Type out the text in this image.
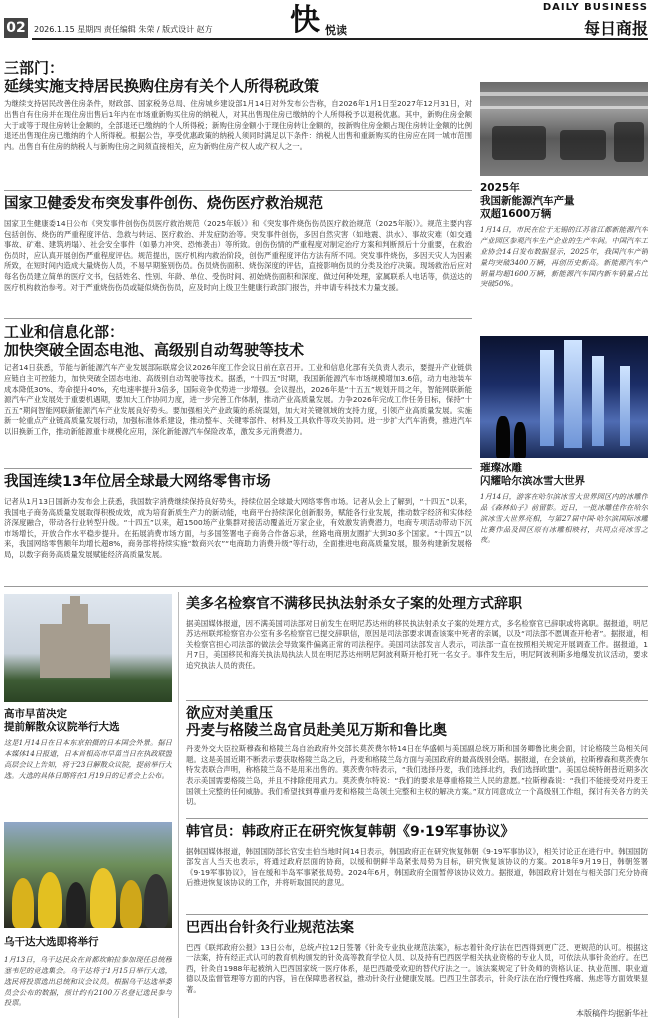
02 2026.1.15 星期四 责任编辑 朱荣 / 版式设计 赵方	快 悦读
DAILY BUSINESS
每日商报
三部门：
延续实施支持居民换购住房有关个人所得税政策
为继续支持居民改善住房条件，财政部、国家税务总局、住房城乡建设部1月14日对外发布公告称，自2026年1月1日至2027年12月31日，对出售自有住房并在现住房出售后1年内在市场重新购买住房的纳税人，对其出售现住房已缴纳的个人所得税予以退税优惠。其中，新购住房金额大于或等于现住房转让金额的，全部退还已缴纳的个人所得税；新购住房金额小于现住房转让金额的，按新购住房金额占现住房转让金额的比例退还出售现住房已缴纳的个人所得税。根据公告，享受优惠政策的纳税人须同时满足以下条件：纳税人出售和重新购买的住房应在同一城市范围内。出售自有住房的纳税人与新购住房之间须直接相关，应为新购住房产权人或产权人之一。
国家卫健委发布突发事件创伤、烧伤医疗救治规范
国家卫生健康委14日公布《突发事件创伤伤员医疗救治规范（2025年版）》和《突发事件烧伤伤员医疗救治规范（2025年版）》。规范主要内容包括创伤、烧伤的严重程度评估、急救与转运、医疗救治、并发症防治等。突发事件创伤，多因自然灾害（如地震、洪水）、事故灾难（如交通事故、矿难、建筑坍塌）、社会安全事件（如暴力冲突、恐怖袭击）等所致。创伤伤情的严重程度对制定治疗方案和判断预后十分重要，在救治伤员时，应认真开展创伤严重程度评估。规范提出，医疗机构内救治阶段，创伤严重程度评估方法有所不同。突发事件烧伤，多因天灾人为因素所致，在短时间内造成大量烧伤人员，不易早期鉴别伤员。伤员烧伤面积、烧伤深度的评估，直接影响伤员的分类及治疗决策。现场救治后应对每名伤员建立简单的医疗文书，包括姓名、性别、年龄、单位、受伤时间、初始烧伤面积和深度、做过何种处理，家属联系人电话等，供送达的医疗机构救治参考。对于严重烧伤伤员或疑似烧伤伤员，应及时向上级卫生健康行政部门报告，并申请专科技术力量支援。
工业和信息化部：
加快突破全固态电池、高级别自动驾驶等技术
记者14日获悉，节能与新能源汽车产业发展部际联席会议2026年度工作会议日前在京召开。工业和信息化部有关负责人表示，要提升产业链供应链自主可控能力，加快突破全固态电池、高级别自动驾驶等技术。据悉，“十四五”时期，我国新能源汽车市场规模增加3.6倍，动力电池装车成本降低30%、寿命提升40%，充电速率提升3倍多，国际竞争优势进一步增强。会议提出，2026年是“十五五”规划开局之年，智能网联新能源汽车产业发展处于重要机遇期，要加大工作协同力度，进一步完善工作体制，推动产业高质量发展。力争2026年完成工作任务目标，保持“十五五”期间智能网联新能源汽车产业发展良好势头。要加强相关产业政策的系统谋划，加大对关键领域的支持力度，引领产业高质量发展。实施新一轮重点产业链高质量发展行动，加强标准体系建设，推动整车、关键零部件、材料及工具软件等攻关协同。进一步扩大汽车消费，推进汽车以旧换新工作，推动新能源重卡规模化应用，深化新能源汽车保险改革，激发多元消费潜力。
我国连续13年位居全球最大网络零售市场
记者从1月13日国新办发布会上获悉，我国数字消费继续保持良好势头，持续位居全球最大网络零售市场。记者从会上了解到，“十四五”以来，我国电子商务高质量发展取得积极成效，成为培育新质生产力的新动能，电商平台持续深化创新服务，赋能各行业发展，推动数字经济和实体经济深度融合，带动各行业转型升级。“十四五”以来，超1500场产业集群对接活动覆盖近万家企业，有效激发消费潜力，电商专项活动带动下沉市场增长，开放合作水平稳步提升。在拓展消费市场方面，与多国签署电子商务合作备忘录，丝路电商朋友圈扩大到30多个国家。“十四五”以来，我国网络零售额年均增长超8%，商务部将持续实施“数商兴农”“电商助力消费升级”等行动，全面推进电商高质量发展，服务构建新发展格局，以数字商务高质量发展赋能经济高质量发展。
2025年
我国新能源汽车产量
双超1600万辆
1月14日，市民在位于无锡的江苏省江都新能源汽车产业园区参观汽车生产企业的生产车间。中国汽车工业协会14日发布数据显示，2025年，我国汽车产销量均突破3400万辆，再创历史新高。新能源汽车产销量均超1600万辆，新能源汽车国内新车销量占比突破50%。
璀璨冰雕
闪耀哈尔滨冰雪大世界
1月14日，游客在哈尔滨冰雪大世界园区内的冰雕作品《森林仙子》前留影。近日，一批冰雕佳作在哈尔滨冰雪大世界亮相，与第27届中国·哈尔滨国际冰雕比赛作品及园区原有冰雕相映衬，共同点亮冰雪之夜。
高市早苗决定
提前解散众议院举行大选
这是1月14日在日本东京拍摄的日本国会外景。据日本媒体14日报道，日本首相高市早苗当日在执政联盟高层会议上告知，将于23日解散众议院，提前举行大选。大选的具体日期将在1月19日的记者会上公布。
乌干达大选即将举行
1月13日，乌干达民众在首都坎帕拉参加现任总统穆塞韦尼的竞选集会。乌干达将于1月15日举行大选，选民将投票选出总统和议会议员。根据乌干达选举委员会公布的数据，预计约有2100万名登记选民参与投票。
美多名检察官不满移民执法射杀女子案的处理方式辞职
据美国媒体报道，因不满美国司法部对日前发生在明尼苏达州的移民执法射杀女子案的处理方式，多名检察官已辞职或将离职。据报道，明尼苏达州联邦检察官办公室有多名检察官已提交辞职信，原因是司法部要求调查该案中死者的亲属，以及“司法部不愿调查开枪者”。据报道，相关检察官担心司法部的做法会导致案件偏离正常的司法程序。美国司法部发言人表示，司法部一直在按照相关规定开展调查工作。据报道，1月7日，美国移民和海关执法局执法人员在明尼苏达州明尼阿波利斯开枪打死一名女子。事件发生后，明尼阿波利斯多地爆发抗议活动，要求追究执法人员的责任。
欲应对美重压
丹麦与格陵兰岛官员赴美见万斯和鲁比奥
丹麦外交大臣拉斯穆森和格陵兰岛自治政府外交部长莫茨费尔特14日在华盛顿与美国副总统万斯和国务卿鲁比奥会面，讨论格陵兰岛相关问题。这是美国近期不断表示要获取格陵兰岛之后，丹麦和格陵兰岛方面与美国政府的最高级别会晤。据报道，在会谈前，拉斯穆森和莫茨费尔特发表联合声明，称格陵兰岛不是用来出售的。莫茨费尔特表示，“我们选择丹麦，我们选择北约，我们选择欧盟”。美国总统特朗普近期多次表示美国需要格陵兰岛，并且不排除使用武力。莫茨费尔特说：“我们的要求是尊重格陵兰人民的意愿。”拉斯穆森说：“我们不能接受对丹麦王国领土完整的任何威胁。我们希望找到尊重丹麦和格陵兰岛领土完整和主权的解决方案。”双方同意成立一个高级别工作组，探讨有关各方的关切。
韩官员：韩政府正在研究恢复韩朝《9·19军事协议》
据韩国媒体报道，韩国国防部长官安圭伯当地时间14日表示，韩国政府正在研究恢复韩朝《9·19军事协议》，相关讨论正在进行中。韩国国防部发言人当天也表示，将通过政府层面的协商，以缓和朝鲜半岛紧张局势为目标，研究恢复该协议的方案。2018年9月19日，韩朝签署《9·19军事协议》，旨在缓和半岛军事紧张局势。2024年6月，韩国政府全面暂停该协议效力。据报道，韩国政府计划在与相关部门充分协商后推进恢复该协议的工作，并将听取国民的意见。
巴西出台针灸行业规范法案
巴西《联邦政府公报》13日公布，总统卢拉12日签署《针灸专业执业规范法案》，标志着针灸疗法在巴西得到更广泛、更规范的认可。根据这一法案，持有经正式认可的教育机构颁发的针灸高等教育学位人员、以及持有巴西医学相关执业资格的专业人员，可依法从事针灸治疗。在巴西，针灸自1988年起被纳入巴西国家统一医疗体系，是巴西最受欢迎的替代疗法之一。该法案规定了针灸师的资格认证、执业范围、职业道德以及监督管理等方面的内容，旨在保障患者权益，推动针灸行业健康发展。巴西卫生部表示，针灸疗法在治疗慢性疼痛、焦虑等方面效果显著。
本版稿件均据新华社
